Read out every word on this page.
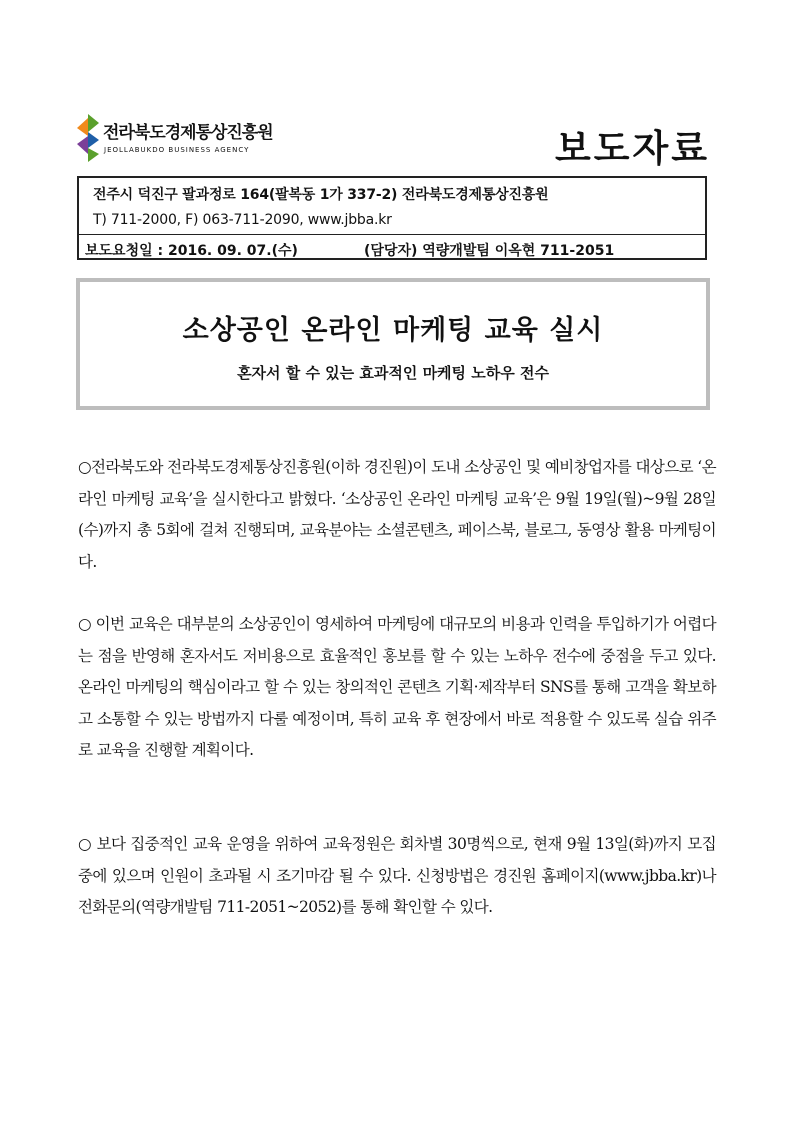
전라북도경제통상진흥원
JEOLLABUKDO BUSINESS AGENCY	보도자료
전주시 덕진구 팔과정로 164(팔복동 1가 337-2) 전라북도경제통상진흥원
T) 711-2000, F) 063-711-2090, www.jbba.kr
보도요청일 : 2016. 09. 07.(수)	(담당자) 역량개발팀 이옥현 711-2051
소상공인 온라인 마케팅 교육 실시
혼자서 할 수 있는 효과적인 마케팅 노하우 전수

○전라북도와 전라북도경제통상진흥원(이하 경진원)이 도내 소상공인 및 예비창업자를 대상으로 ‘온라인 마케팅 교육’을 실시한다고 밝혔다. ‘소상공인 온라인 마케팅 교육’은 9월 19일(월)~9월 28일(수)까지 총 5회에 걸쳐 진행되며, 교육분야는 소셜콘텐츠, 페이스북, 블로그, 동영상 활용 마케팅이다.

○ 이번 교육은 대부분의 소상공인이 영세하여 마케팅에 대규모의 비용과 인력을 투입하기가 어렵다는 점을 반영해 혼자서도 저비용으로 효율적인 홍보를 할 수 있는 노하우 전수에 중점을 두고 있다. 온라인 마케팅의 핵심이라고 할 수 있는 창의적인 콘텐츠 기획·제작부터 SNS를 통해 고객을 확보하고 소통할 수 있는 방법까지 다룰 예정이며, 특히 교육 후 현장에서 바로 적용할 수 있도록 실습 위주로 교육을 진행할 계획이다.

○ 보다 집중적인 교육 운영을 위하여 교육정원은 회차별 30명씩으로, 현재 9월 13일(화)까지 모집 중에 있으며 인원이 초과될 시 조기마감 될 수 있다. 신청방법은 경진원 홈페이지(www.jbba.kr)나 전화문의(역량개발팀 711-2051~2052)를 통해 확인할 수 있다.
